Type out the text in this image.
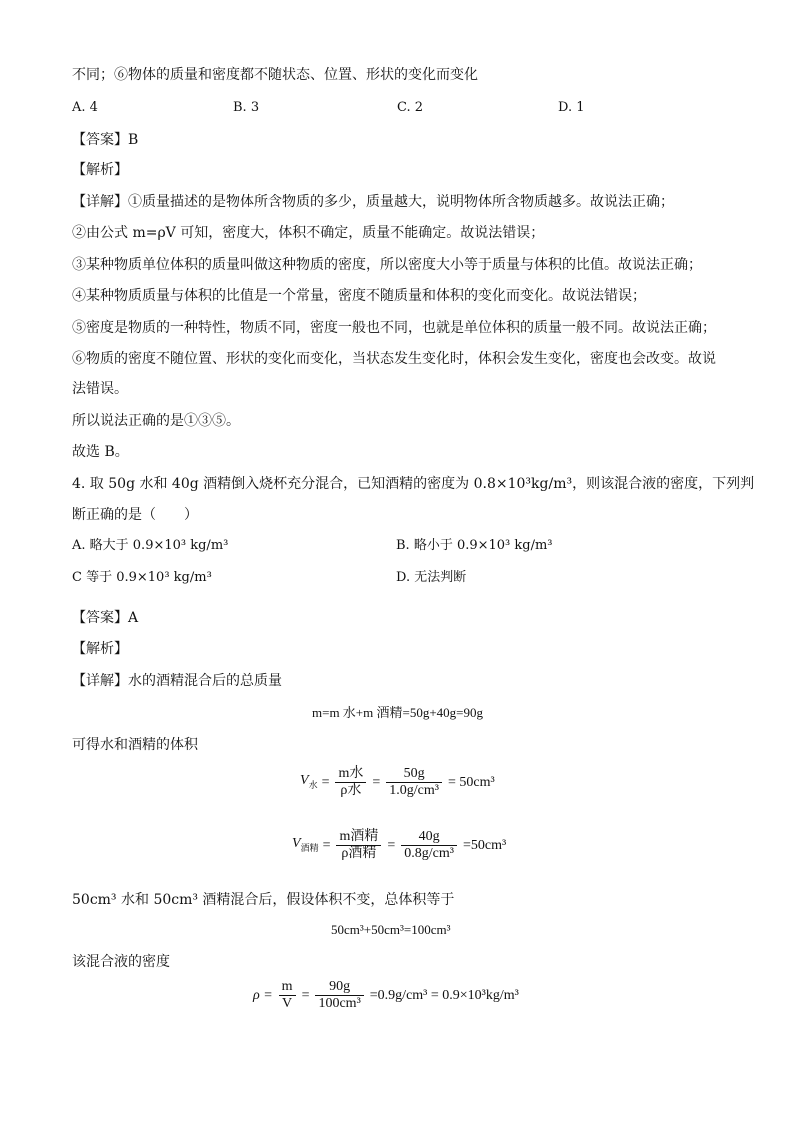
不同；⑥物体的质量和密度都不随状态、位置、形状的变化而变化
A. 4	B. 3	C. 2	D. 1
【答案】B
【解析】
【详解】①质量描述的是物体所含物质的多少，质量越大，说明物体所含物质越多。故说法正确；
②由公式 m=ρV 可知，密度大，体积不确定，质量不能确定。故说法错误；
③某种物质单位体积的质量叫做这种物质的密度，所以密度大小等于质量与体积的比值。故说法正确；
④某种物质质量与体积的比值是一个常量，密度不随质量和体积的变化而变化。故说法错误；
⑤密度是物质的一种特性，物质不同，密度一般也不同，也就是单位体积的质量一般不同。故说法正确；
⑥物质的密度不随位置、形状的变化而变化，当状态发生变化时，体积会发生变化，密度也会改变。故说
法错误。
所以说法正确的是①③⑤。
故选 B。
4. 取 50g 水和 40g 酒精倒入烧杯充分混合，已知酒精的密度为 0.8×10³kg/m³，则该混合液的密度，下列判
断正确的是（　　）
A. 略大于 0.9×10³ kg/m³	B. 略小于 0.9×10³ kg/m³
C 等于 0.9×10³ kg/m³	D. 无法判断
【答案】A
【解析】
【详解】水的酒精混合后的总质量
m=m 水+m 酒精=50g+40g=90g
可得水和酒精的体积
$V_水 = \frac{\text{m水}}{\text{ρ水}} = \frac{50g}{\text{1.0g/cm³}} = 50cm^3$
$V_{酒精} = \frac{\text{m酒精}}{\text{ρ酒精}} = \frac{40g}{\text{0.8g/cm³}} =50cm^3$
50cm³ 水和 50cm³ 酒精混合后，假设体积不变，总体积等于
50cm³+50cm³=100cm³
该混合液的密度
$\rho = \frac{m}{V} = \frac{90g}{\text{100cm³}} =0.9g/cm^3 = 0.9\times 10^3kg/m^3$
